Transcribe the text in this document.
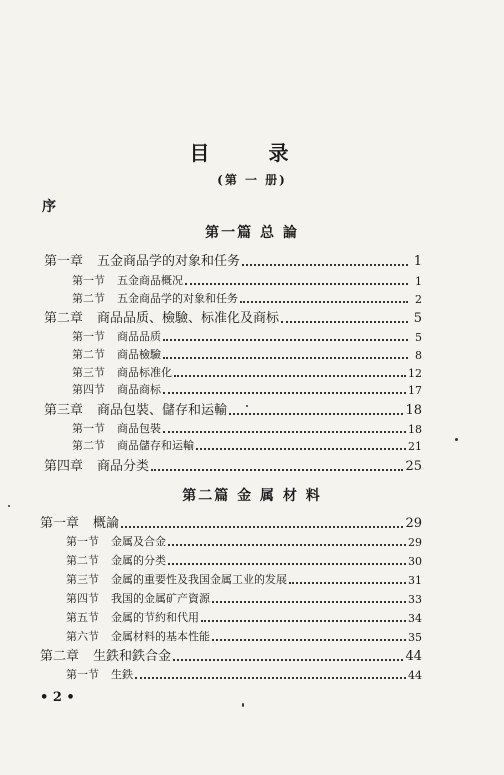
目 录
(第 一 册)
序
第一篇 总 論
第一章 五金商品学的对象和任务	1
第一节 五金商品概况	1
第二节 五金商品学的对象和任务	2
第二章 商品品质、檢驗、标准化及商标	5
第一节 商品品质	5
第二节 商品檢驗	8
第三节 商品标准化	12
第四节 商品商标	17
第三章 商品包裝、儲存和运輸	18
第一节 商品包裝	18
第二节 商品儲存和运輸	21
第四章 商品分类	25
第二篇 金 属 材 料
第一章 概論	29
第一节 金属及合金	29
第二节 金属的分类	30
第三节 金属的重要性及我国金属工业的发展	31
第四节 我国的金属矿产資源	33
第五节 金属的节約和代用	34
第六节 金属材料的基本性能	35
第二章 生鉄和鉄合金	44
第一节 生鉄	44
• 2 •
